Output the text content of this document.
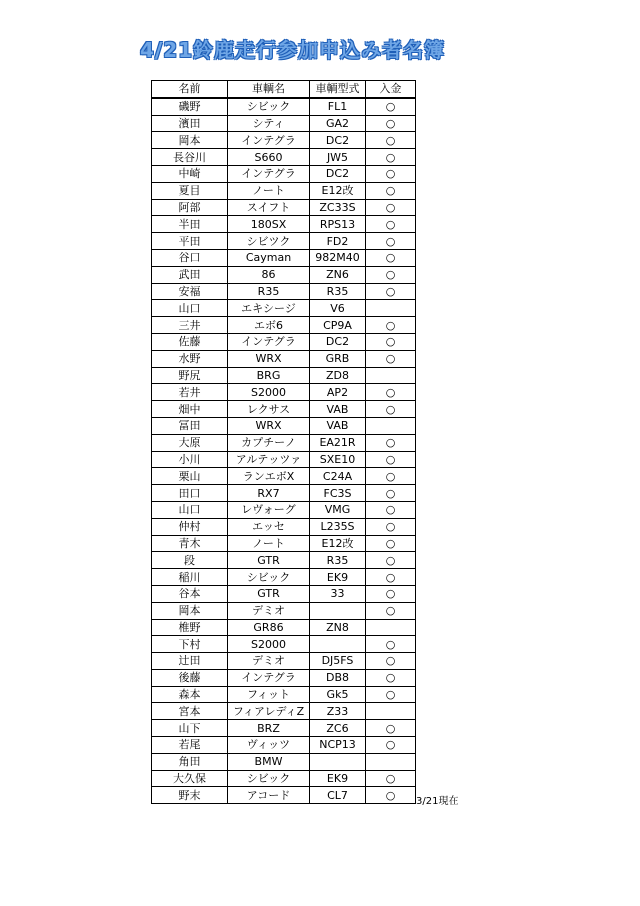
4/21鈴鹿走行参加申込み者名簿
名前	車輌名	車輌型式	入金
磯野	シビック	FL1	○
濱田	シティ	GA2	○
岡本	インテグラ	DC2	○
長谷川	S660	JW5	○
中崎	インテグラ	DC2	○
夏目	ノート	E12改	○
阿部	スイフト	ZC33S	○
半田	180SX	RPS13	○
平田	シビツク	FD2	○
谷口	Cayman	982M40	○
武田	86	ZN6	○
安福	R35	R35	○
山口	エキシージ	V6	
三井	エボ6	CP9A	○
佐藤	インテグラ	DC2	○
水野	WRX	GRB	○
野尻	BRG	ZD8	
若井	S2000	AP2	○
畑中	レクサス	VAB	○
冨田	WRX	VAB	
大原	カプチーノ	EA21R	○
小川	アルテッツァ	SXE10	○
栗山	ランエボX	C24A	○
田口	RX7	FC3S	○
山口	レヴォーグ	VMG	○
仲村	エッセ	L235S	○
青木	ノート	E12改	○
段	GTR	R35	○
稲川	シビック	EK9	○
谷本	GTR	33	○
岡本	デミオ		○
椎野	GR86	ZN8	
下村	S2000		○
辻田	デミオ	DJ5FS	○
後藤	インテグラ	DB8	○
森本	フィット	Gk5	○
宮本	フィアレディZ	Z33	
山下	BRZ	ZC6	○
若尾	ヴィッツ	NCP13	○
角田	BMW		
大久保	シビック	EK9	○
野末	アコード	CL7	○ 3/21現在
